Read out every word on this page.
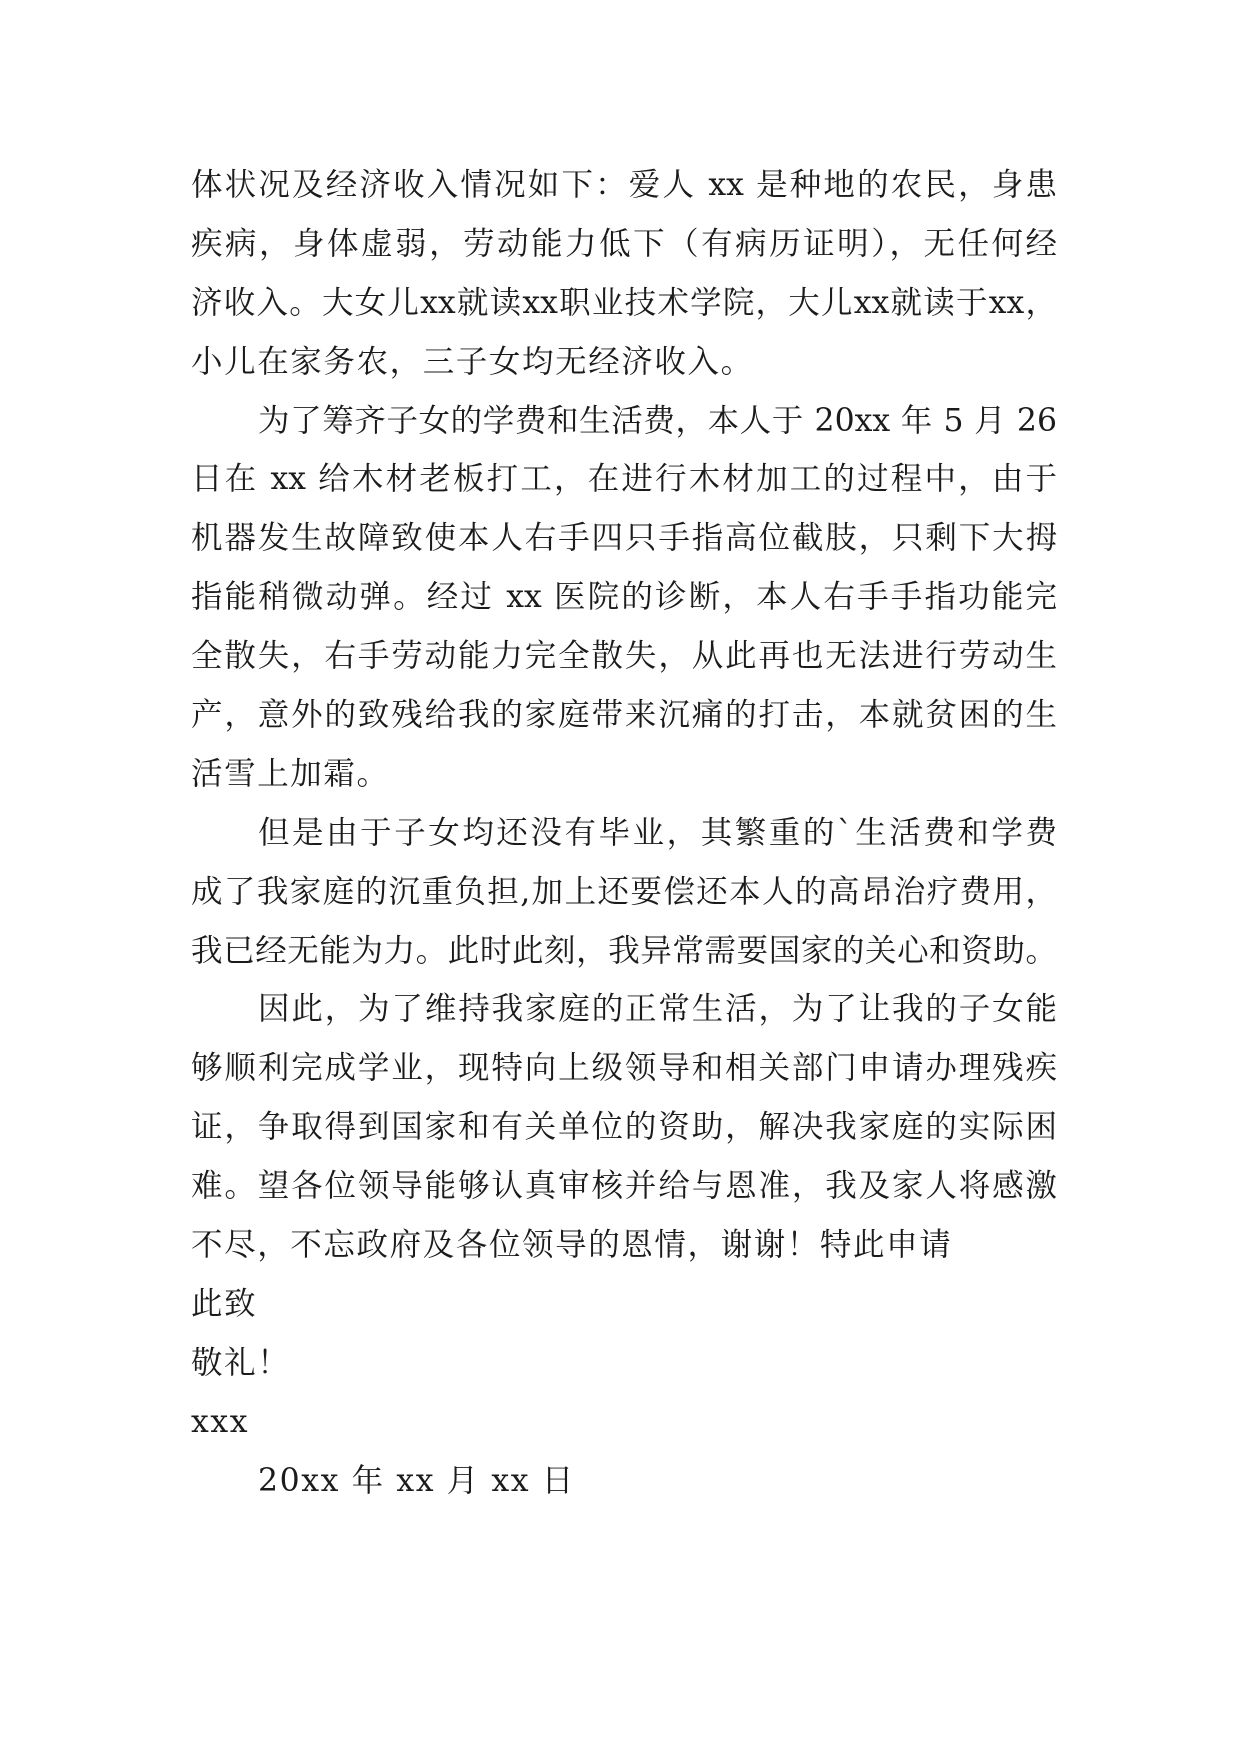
体状况及经济收入情况如下：爱人 xx 是种地的农民，身患
疾病，身体虚弱，劳动能力低下（有病历证明），无任何经
济收入。大女儿xx就读xx职业技术学院，大儿xx就读于xx，
小儿在家务农，三子女均无经济收入。
为了筹齐子女的学费和生活费，本人于 20xx 年 5 月 26
日在 xx 给木材老板打工，在进行木材加工的过程中，由于
机器发生故障致使本人右手四只手指高位截肢，只剩下大拇
指能稍微动弹。经过 xx 医院的诊断，本人右手手指功能完
全散失，右手劳动能力完全散失，从此再也无法进行劳动生
产，意外的致残给我的家庭带来沉痛的打击，本就贫困的生
活雪上加霜。
但是由于子女均还没有毕业，其繁重的`生活费和学费
成了我家庭的沉重负担,加上还要偿还本人的高昂治疗费用，
我已经无能为力。此时此刻，我异常需要国家的关心和资助。
因此，为了维持我家庭的正常生活，为了让我的子女能
够顺利完成学业，现特向上级领导和相关部门申请办理残疾
证，争取得到国家和有关单位的资助，解决我家庭的实际困
难。望各位领导能够认真审核并给与恩准，我及家人将感激
不尽，不忘政府及各位领导的恩情，谢谢！特此申请
此致
敬礼！
xxx
20xx 年 xx 月 xx 日
